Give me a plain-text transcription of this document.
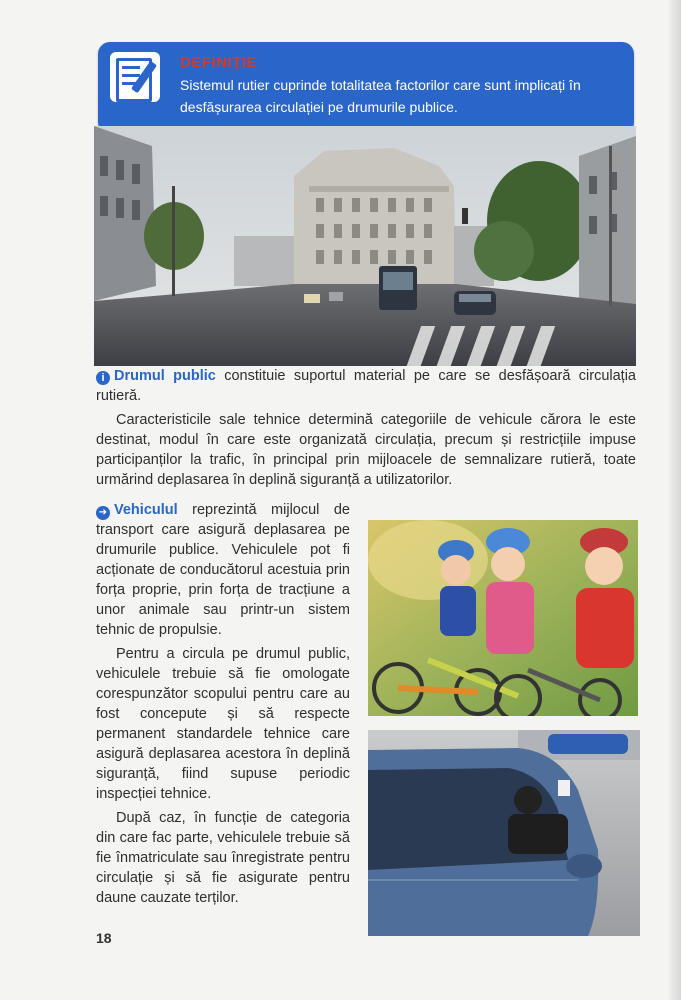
DEFINIȚIE
Sistemul rutier cuprinde totalitatea factorilor care sunt implicați în desfășurarea circulației pe drumurile publice.
i Drumul public constituie suportul material pe care se desfășoară circulația rutieră.
Caracteristicile sale tehnice determină categoriile de vehicule cărora le este destinat, modul în care este organizată circulația, precum și restricțiile impuse participanților la trafic, în principal prin mijloacele de semnalizare rutieră, toate urmărind deplasarea în deplină siguranță a utilizatorilor.
➜ Vehiculul reprezintă mijlocul de transport care asigură deplasarea pe drumurile publice. Vehiculele pot fi acționate de conducătorul acestuia prin forța proprie, prin forța de tracțiune a unor animale sau printr-un sistem tehnic de propulsie.
Pentru a circula pe drumul public, vehiculele trebuie să fie omologate corespunzător scopului pentru care au fost concepute și să respecte permanent standardele tehnice care asigură deplasarea acestora în deplină siguranță, fiind supuse periodic inspecției tehnice.
După caz, în funcție de categoria din care fac parte, vehiculele trebuie să fie înmatriculate sau înregistrate pentru circulație și să fie asigurate pentru daune cauzate terților.
18
